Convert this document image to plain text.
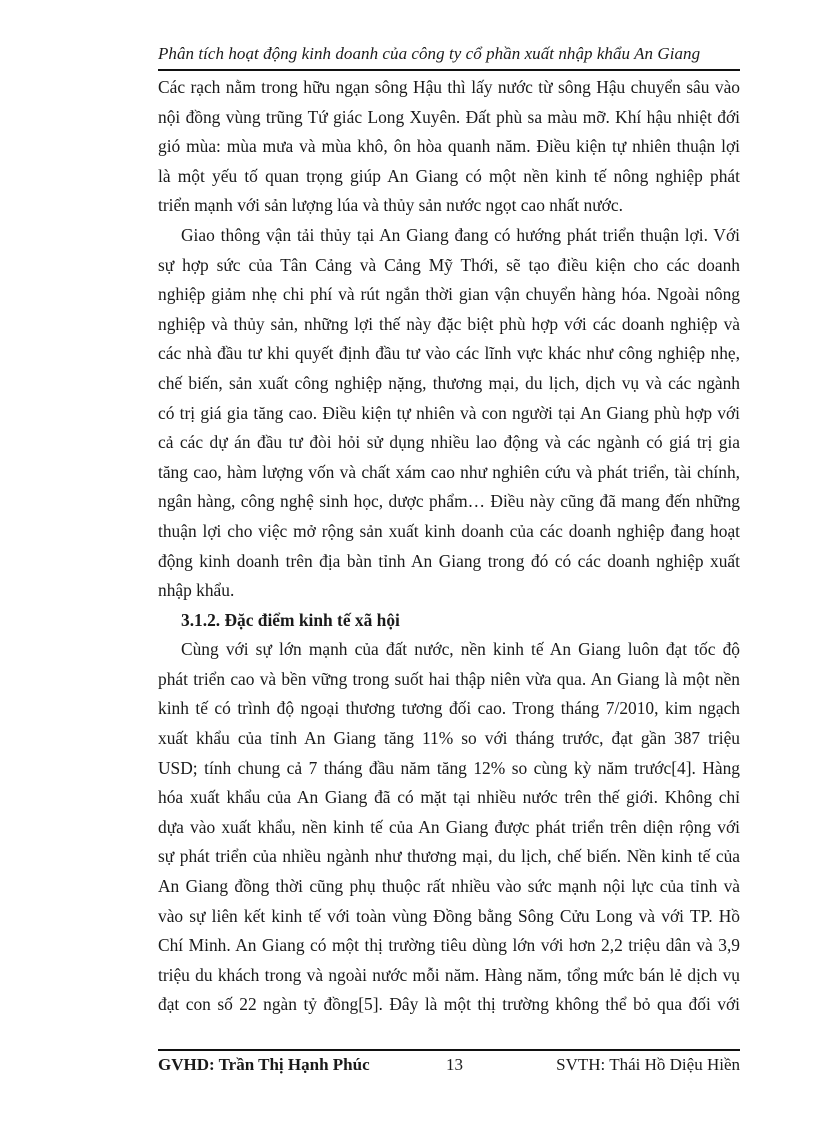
Phân tích hoạt động kinh doanh của công ty cổ phần xuất nhập khẩu An Giang

Các rạch nằm trong hữu ngạn sông Hậu thì lấy nước từ sông Hậu chuyển sâu vào
nội đồng vùng trũng Tứ giác Long Xuyên. Đất phù sa màu mỡ. Khí hậu nhiệt đới
gió mùa: mùa mưa và mùa khô, ôn hòa quanh năm. Điều kiện tự nhiên thuận lợi
là một yếu tố quan trọng giúp An Giang có một nền kinh tế nông nghiệp phát
triển mạnh với sản lượng lúa và thủy sản nước ngọt cao nhất nước.

Giao thông vận tải thủy tại An Giang đang có hướng phát triển thuận lợi. Với
sự hợp sức của Tân Cảng và Cảng Mỹ Thới, sẽ tạo điều kiện cho các doanh
nghiệp giảm nhẹ chi phí và rút ngắn thời gian vận chuyển hàng hóa. Ngoài nông
nghiệp và thủy sản, những lợi thế này đặc biệt phù hợp với các doanh nghiệp và
các nhà đầu tư khi quyết định đầu tư vào các lĩnh vực khác như công nghiệp nhẹ,
chế biến, sản xuất công nghiệp nặng, thương mại, du lịch, dịch vụ và các ngành
có trị giá gia tăng cao. Điều kiện tự nhiên và con người tại An Giang phù hợp với
cả các dự án đầu tư đòi hỏi sử dụng nhiều lao động và các ngành có giá trị gia
tăng cao, hàm lượng vốn và chất xám cao như nghiên cứu và phát triển, tài chính,
ngân hàng, công nghệ sinh học, dược phẩm… Điều này cũng đã mang đến những
thuận lợi cho việc mở rộng sản xuất kinh doanh của các doanh nghiệp đang hoạt
động kinh doanh trên địa bàn tỉnh An Giang trong đó có các doanh nghiệp xuất
nhập khẩu.

3.1.2. Đặc điểm kinh tế xã hội

Cùng với sự lớn mạnh của đất nước, nền kinh tế An Giang luôn đạt tốc độ
phát triển cao và bền vững trong suốt hai thập niên vừa qua. An Giang là một nền
kinh tế có trình độ ngoại thương tương đối cao. Trong tháng 7/2010, kim ngạch
xuất khẩu của tỉnh An Giang tăng 11% so với tháng trước, đạt gần 387 triệu
USD; tính chung cả 7 tháng đầu năm tăng 12% so cùng kỳ năm trước[4]. Hàng
hóa xuất khẩu của An Giang đã có mặt tại nhiều nước trên thế giới. Không chỉ
dựa vào xuất khẩu, nền kinh tế của An Giang được phát triển trên diện rộng với
sự phát triển của nhiều ngành như thương mại, du lịch, chế biến. Nền kinh tế của
An Giang đồng thời cũng phụ thuộc rất nhiều vào sức mạnh nội lực của tỉnh và
vào sự liên kết kinh tế với toàn vùng Đồng bằng Sông Cửu Long và với TP. Hồ
Chí Minh. An Giang có một thị trường tiêu dùng lớn với hơn 2,2 triệu dân và 3,9
triệu du khách trong và ngoài nước mỗi năm. Hàng năm, tổng mức bán lẻ dịch vụ
đạt con số 22 ngàn tỷ đồng[5]. Đây là một thị trường không thể bỏ qua đối với

GVHD: Trần Thị Hạnh Phúc	13	SVTH: Thái Hồ Diệu Hiền
